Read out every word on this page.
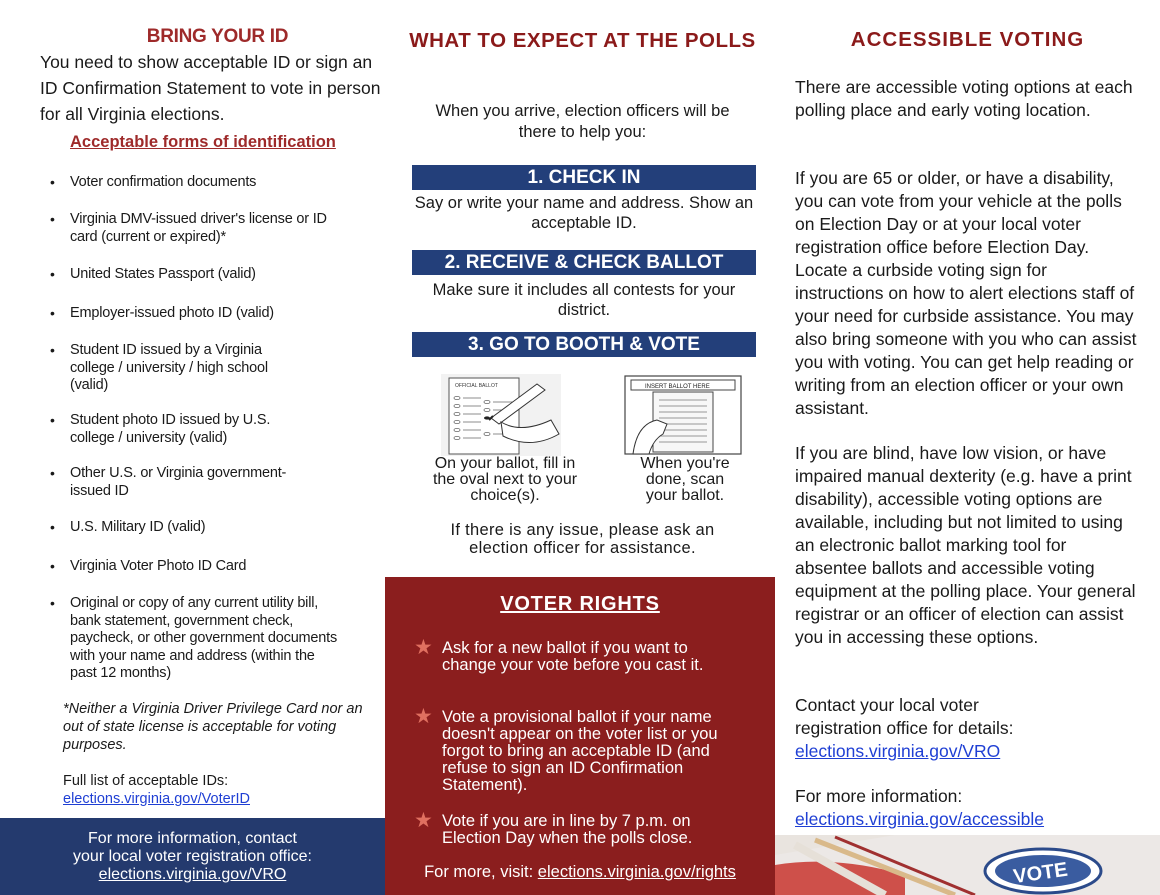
BRING YOUR ID
You need to show acceptable ID or sign an ID Confirmation Statement to vote in person for all Virginia elections.
Acceptable forms of identification
• Voter confirmation documents
• Virginia DMV-issued driver's license or ID card (current or expired)*
• United States Passport (valid)
• Employer-issued photo ID (valid)
• Student ID issued by a Virginia college / university / high school (valid)
• Student photo ID issued by U.S. college / university (valid)
• Other U.S. or Virginia government-issued ID
• U.S. Military ID (valid)
• Virginia Voter Photo ID Card
• Original or copy of any current utility bill, bank statement, government check, paycheck, or other government documents with your name and address (within the past 12 months)
*Neither a Virginia Driver Privilege Card nor an out of state license is acceptable for voting purposes.
Full list of acceptable IDs:
elections.virginia.gov/VoterID
For more information, contact
your local voter registration office:
elections.virginia.gov/VRO
WHAT TO EXPECT AT THE POLLS
When you arrive, election officers will be there to help you:
1. CHECK IN
Say or write your name and address. Show an acceptable ID.
2. RECEIVE & CHECK BALLOT
Make sure it includes all contests for your district.
3. GO TO BOOTH & VOTE
OFFICIAL BALLOT	INSERT BALLOT HERE
On your ballot, fill in the oval next to your choice(s).
When you're done, scan your ballot.
If there is any issue, please ask an election officer for assistance.
VOTER RIGHTS
★ Ask for a new ballot if you want to change your vote before you cast it.
★ Vote a provisional ballot if your name doesn't appear on the voter list or you forgot to bring an acceptable ID (and refuse to sign an ID Confirmation Statement).
★ Vote if you are in line by 7 p.m. on Election Day when the polls close.
For more, visit: elections.virginia.gov/rights
ACCESSIBLE VOTING
There are accessible voting options at each polling place and early voting location.
If you are 65 or older, or have a disability, you can vote from your vehicle at the polls on Election Day or at your local voter registration office before Election Day. Locate a curbside voting sign for instructions on how to alert elections staff of your need for curbside assistance. You may also bring someone with you who can assist you with voting. You can get help reading or writing from an election officer or your own assistant.
If you are blind, have low vision, or have impaired manual dexterity (e.g. have a print disability), accessible voting options are available, including but not limited to using an electronic ballot marking tool for absentee ballots and accessible voting equipment at the polling place. Your general registrar or an officer of election can assist you in accessing these options.
Contact your local voter registration office for details:
elections.virginia.gov/VRO
For more information:
elections.virginia.gov/accessible
VOTE
